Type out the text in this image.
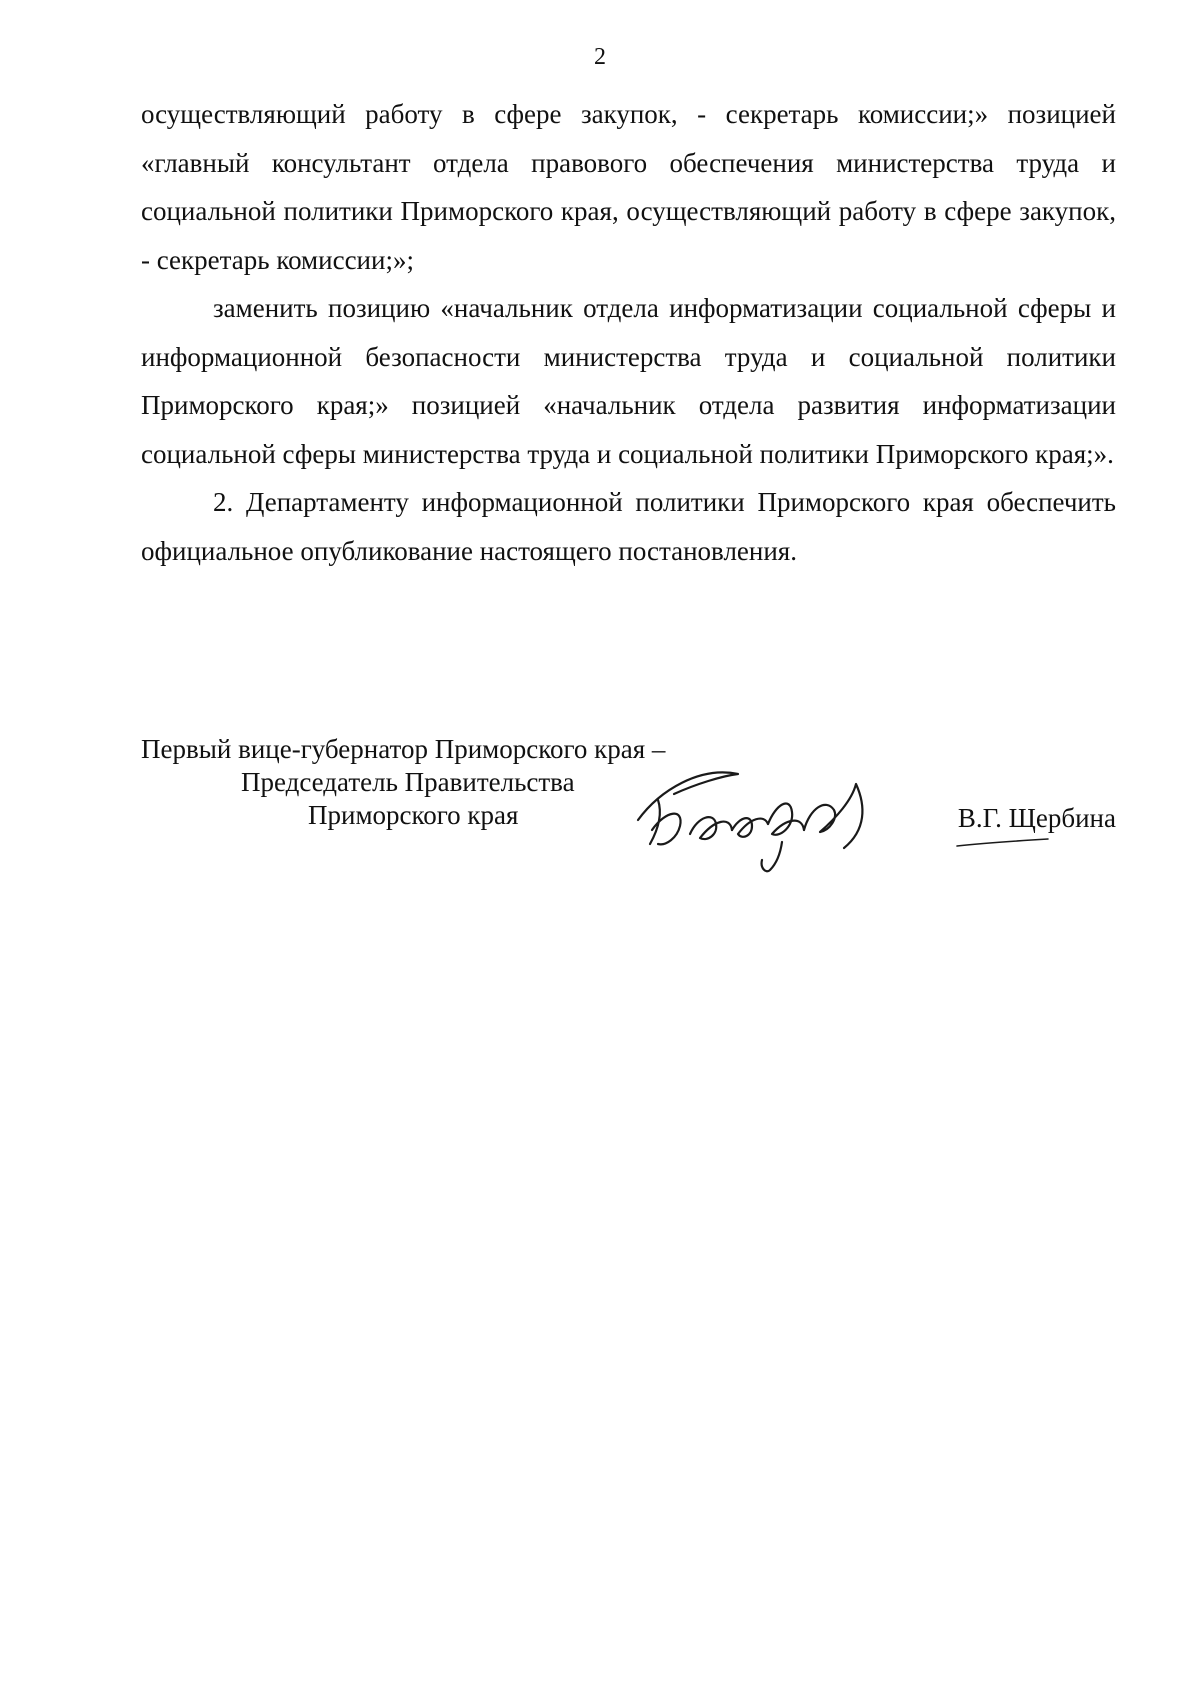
2

осуществляющий работу в сфере закупок, - секретарь комиссии;» позицией «главный консультант отдела правового обеспечения министерства труда и социальной политики Приморского края, осуществляющий работу в сфере закупок, - секретарь комиссии;»;

заменить позицию «начальник отдела информатизации социальной сферы и информационной безопасности министерства труда и социальной политики Приморского края;» позицией «начальник отдела развития информатизации социальной сферы министерства труда и социальной политики Приморского края;».

2. Департаменту информационной политики Приморского края обеспечить официальное опубликование настоящего постановления.

Первый вице-губернатор Приморского края –
Председатель Правительства
Приморского края	В.Г. Щербина
